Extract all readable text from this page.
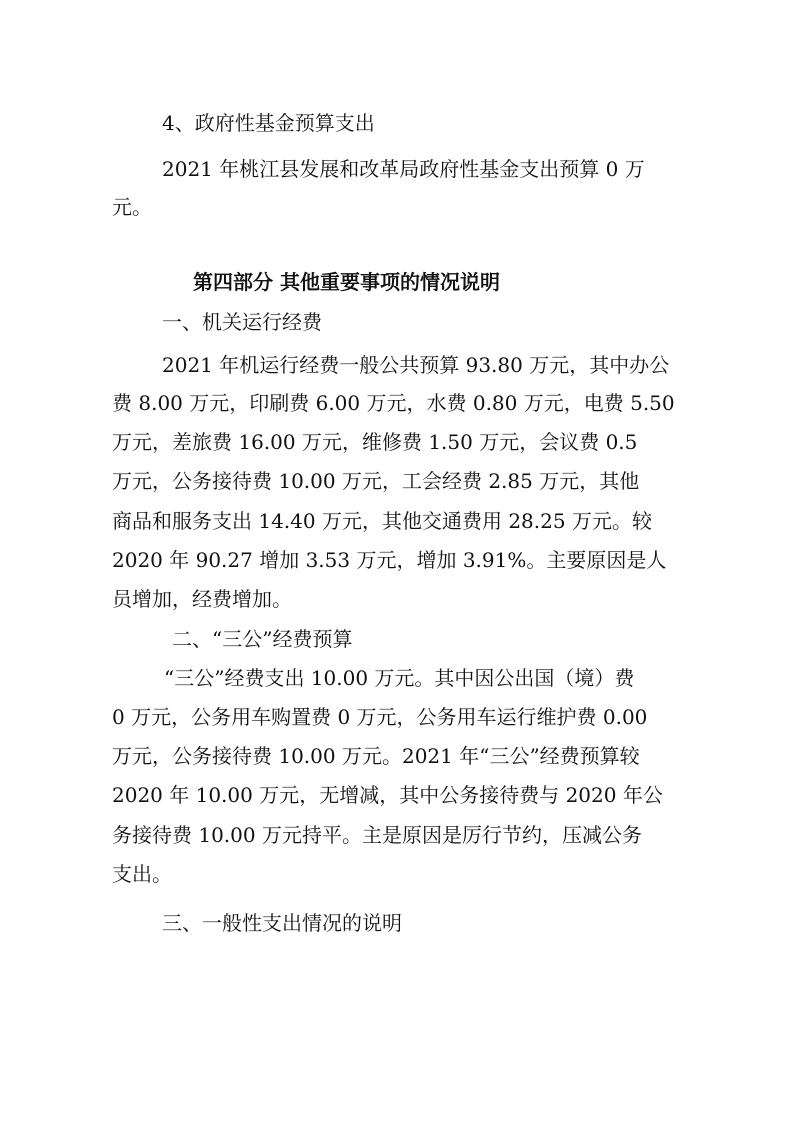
4、政府性基金预算支出
2021 年桃江县发展和改革局政府性基金支出预算 0 万
元。
第四部分 其他重要事项的情况说明
一、机关运行经费
2021 年机运行经费一般公共预算 93.80 万元，其中办公
费 8.00 万元，印刷费 6.00 万元，水费 0.80 万元，电费 5.50
万元，差旅费 16.00 万元，维修费 1.50 万元，会议费 0.5
万元，公务接待费 10.00 万元，工会经费 2.85 万元，其他
商品和服务支出 14.40 万元，其他交通费用 28.25 万元。较
2020 年 90.27 增加 3.53 万元，增加 3.91%。主要原因是人
员增加，经费增加。
二、“三公”经费预算
“三公”经费支出 10.00 万元。其中因公出国（境）费
0 万元，公务用车购置费 0 万元，公务用车运行维护费 0.00
万元，公务接待费 10.00 万元。2021 年“三公”经费预算较
2020 年 10.00 万元，无增减，其中公务接待费与 2020 年公
务接待费 10.00 万元持平。主是原因是厉行节约，压减公务
支出。
三、一般性支出情况的说明
